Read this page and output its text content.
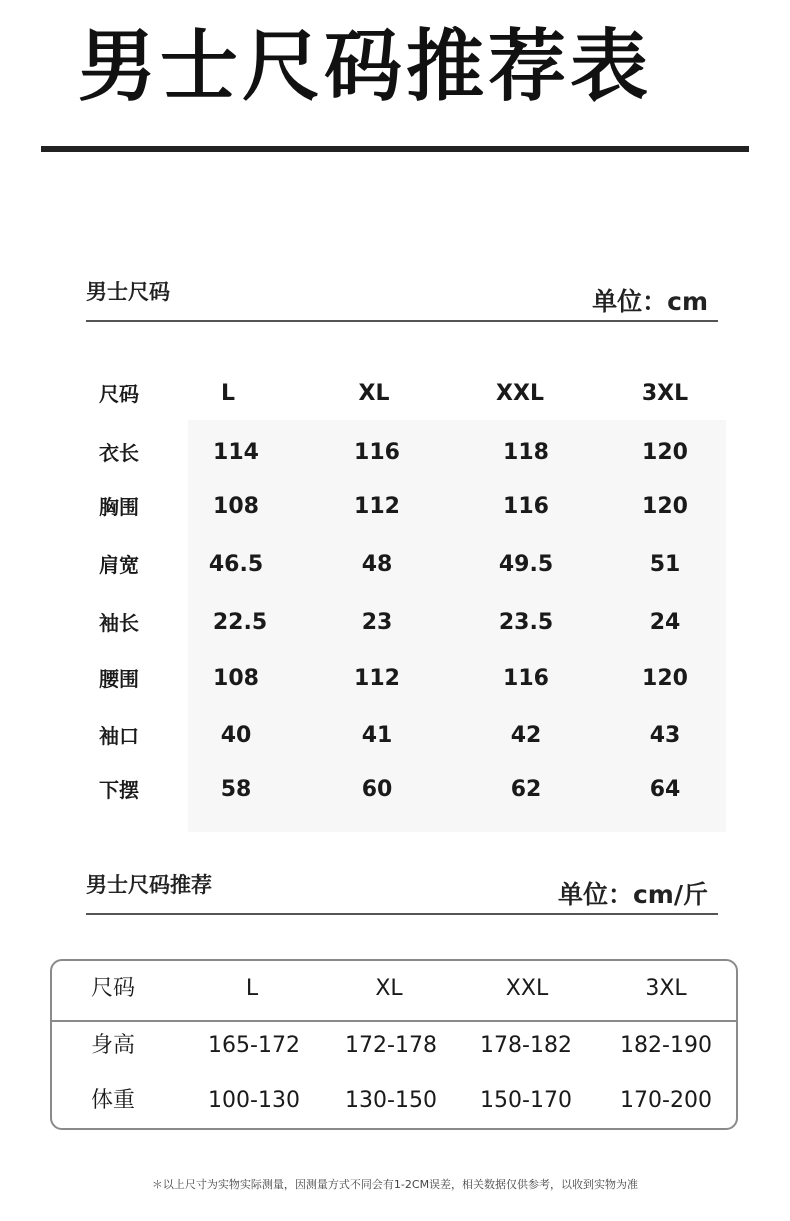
男士尺码推荐表
男士尺码	单位：cm
尺码	L	XL	XXL	3XL
衣长	114	116	118	120
胸围	108	112	116	120
肩宽	46.5	48	49.5	51
袖长	22.5	23	23.5	24
腰围	108	112	116	120
袖口	40	41	42	43
下摆	58	60	62	64
男士尺码推荐	单位：cm/斤
尺码	L	XL	XXL	3XL
身高	165-172 172-178 178-182 182-190
体重	100-130 130-150 150-170 170-200
＊以上尺寸为实物实际测量，因测量方式不同会有1-2CM误差，相关数据仅供参考，以收到实物为准
